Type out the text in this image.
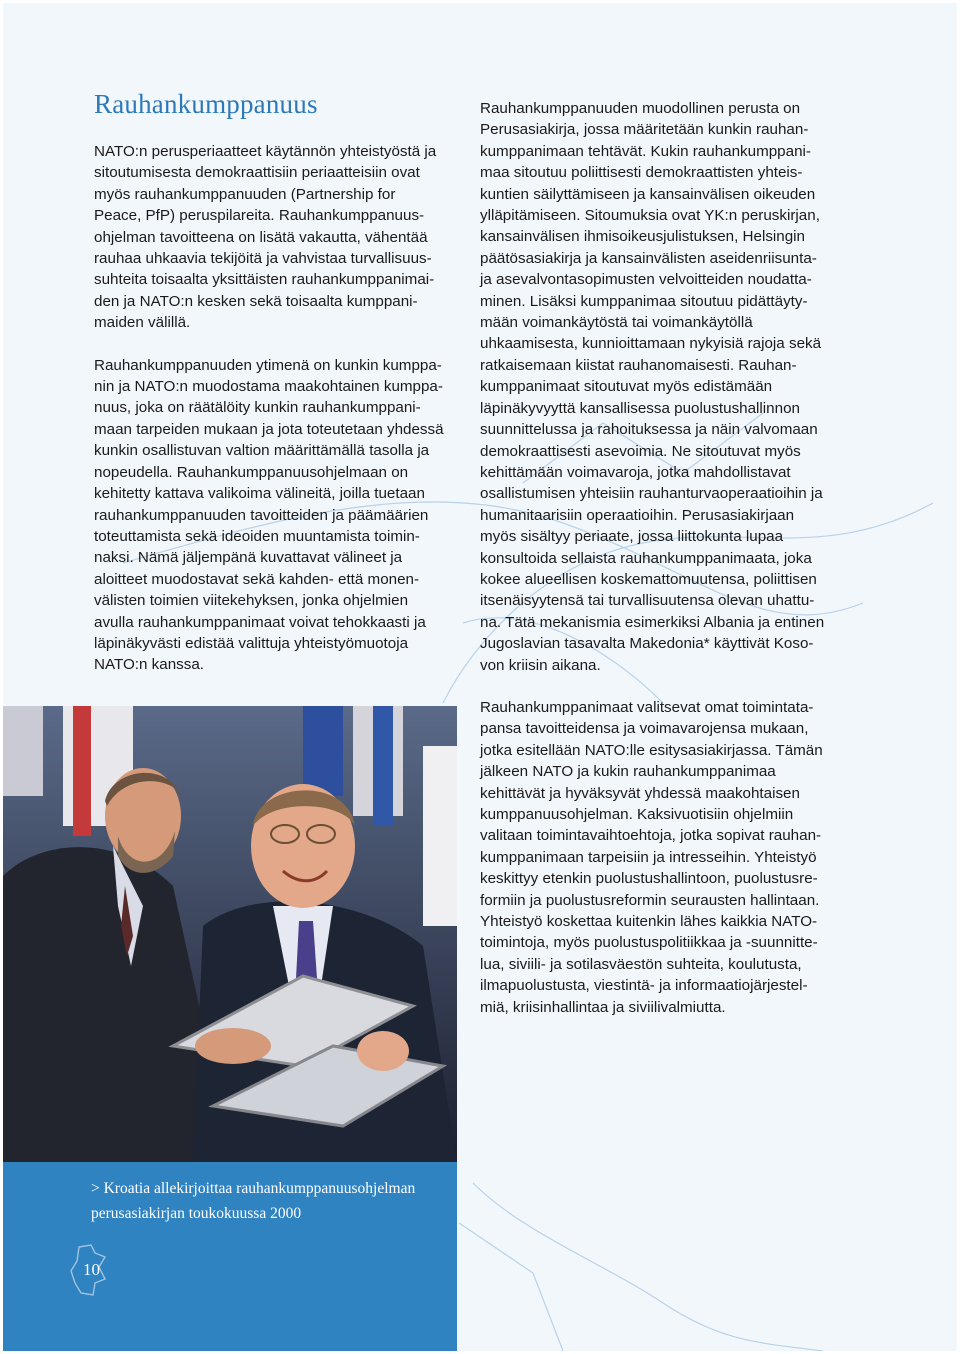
Rauhankumppanuus

NATO:n perusperiaatteet käytännön yhteistyöstä ja
sitoutumisesta demokraattisiin periaatteisiin ovat
myös rauhankumppanuuden (Partnership for
Peace, PfP) peruspilareita. Rauhankumppanuus-
ohjelman tavoitteena on lisätä vakautta, vähentää
rauhaa uhkaavia tekijöitä ja vahvistaa turvallisuus-
suhteita toisaalta yksittäisten rauhankumppanimai-
den ja NATO:n kesken sekä toisaalta kumppani-
maiden välillä.

Rauhankumppanuuden ytimenä on kunkin kumppa-
nin ja NATO:n muodostama maakohtainen kumppa-
nuus, joka on räätälöity kunkin rauhankumppani-
maan tarpeiden mukaan ja jota toteutetaan yhdessä
kunkin osallistuvan valtion määrittämällä tasolla ja
nopeudella. Rauhankumppanuusohjelmaan on
kehitetty kattava valikoima välineitä, joilla tuetaan
rauhankumppanuuden tavoitteiden ja päämäärien
toteuttamista sekä ideoiden muuntamista toimin-
naksi. Nämä jäljempänä kuvattavat välineet ja
aloitteet muodostavat sekä kahden- että monen-
välisten toimien viitekehyksen, jonka ohjelmien
avulla rauhankumppanimaat voivat tehokkaasti ja
läpinäkyvästi edistää valittuja yhteistyömuotoja
NATO:n kanssa.

Rauhankumppanuuden muodollinen perusta on
Perusasiakirja, jossa määritetään kunkin rauhan-
kumppanimaan tehtävät. Kukin rauhankumppani-
maa sitoutuu poliittisesti demokraattisten yhteis-
kuntien säilyttämiseen ja kansainvälisen oikeuden
ylläpitämiseen. Sitoumuksia ovat YK:n peruskirjan,
kansainvälisen ihmisoikeusjulistuksen, Helsingin
päätösasiakirja ja kansainvälisten aseidenriisunta-
ja asevalvontasopimusten velvoitteiden noudatta-
minen. Lisäksi kumppanimaa sitoutuu pidättäyty-
mään voimankäytöstä tai voimankäytöllä
uhkaamisesta, kunnioittamaan nykyisiä rajoja sekä
ratkaisemaan kiistat rauhanomaisesti. Rauhan-
kumppanimaat sitoutuvat myös edistämään
läpinäkyvyyttä kansallisessa puolustushallinnon
suunnittelussa ja rahoituksessa ja näin valvomaan
demokraattisesti asevoimia. Ne sitoutuvat myös
kehittämään voimavaroja, jotka mahdollistavat
osallistumisen yhteisiin rauhanturvaoperaatioihin ja
humanitaarisiin operaatioihin. Perusasiakirjaan
myös sisältyy periaate, jossa liittokunta lupaa
konsultoida sellaista rauhankumppanimaata, joka
kokee alueellisen koskemattomuutensa, poliittisen
itsenäisyytensä tai turvallisuutensa olevan uhattu-
na. Tätä mekanismia esimerkiksi Albania ja entinen
Jugoslavian tasavalta Makedonia* käyttivät Koso-
von kriisin aikana.

Rauhankumppanimaat valitsevat omat toimintata-
pansa tavoitteidensa ja voimavarojensa mukaan,
jotka esitellään NATO:lle esitysasiakirjassa. Tämän
jälkeen NATO ja kukin rauhankumppanimaa
kehittävät ja hyväksyvät yhdessä maakohtaisen
kumppanuusohjelman. Kaksivuotisiin ohjelmiin
valitaan toimintavaihtoehtoja, jotka sopivat rauhan-
kumppanimaan tarpeisiin ja intresseihin. Yhteistyö
keskittyy etenkin puolustushallintoon, puolustusre-
formiin ja puolustusreformin seurausten hallintaan.
Yhteistyö koskettaa kuitenkin lähes kaikkia NATO-
toimintoja, myös puolustuspolitiikkaa ja -suunnitte-
lua, siviili- ja sotilasväestön suhteita, koulutusta,
ilmapuolustusta, viestintä- ja informaatiojärjestel-
miä, kriisinhallintaa ja siviilivalmiutta.

> Kroatia allekirjoittaa rauhankumppanuusohjelman
perusasiakirjan toukokuussa 2000

10
